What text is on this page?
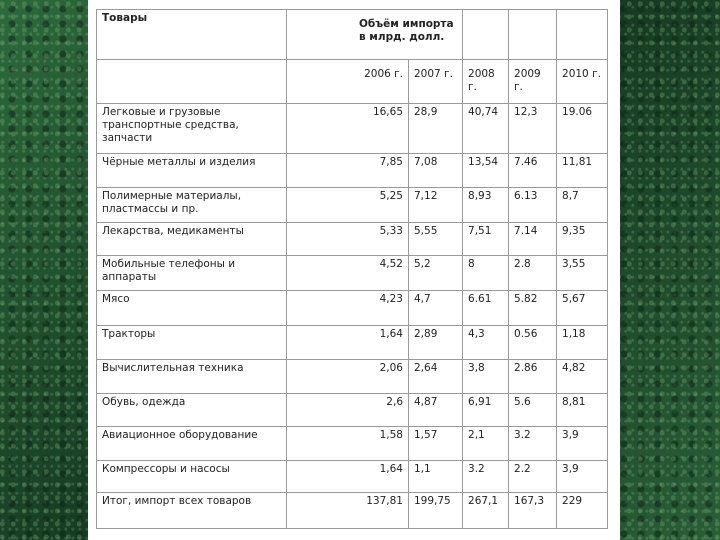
Товары	Объём импорта в млрд. долл.				
	2006 г.	2007 г.	2008 г.	2009 г.	2010 г.
Легковые и грузовые транспортные средства, запчасти	16,65	28,9	40,74	12,3	19.06
Чёрные металлы и изделия	7,85	7,08	13,54	7.46	11,81
Полимерные материалы, пластмассы и пр.	5,25	7,12	8,93	6.13	8,7
Лекарства, медикаменты	5,33	5,55	7,51	7.14	9,35
Мобильные телефоны и аппараты	4,52	5,2	8	2.8	3,55
Мясо	4,23	4,7	6.61	5.82	5,67
Тракторы	1,64	2,89	4,3	0.56	1,18
Вычислительная техника	2,06	2,64	3,8	2.86	4,82
Обувь, одежда	2,6	4,87	6,91	5.6	8,81
Авиационное оборудование	1,58	1,57	2,1	3.2	3,9
Компрессоры и насосы	1,64	1,1	3.2	2.2	3,9
Итог, импорт всех товаров	137,81	199,75	267,1	167,3	229
